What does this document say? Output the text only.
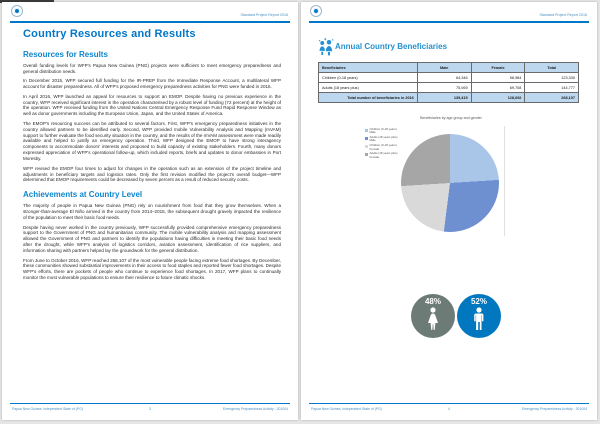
Standard Project Report 2016
Country Resources and Results
Resources for Results

Overall funding levels for WFP's Papua New Guinea (PNG) projects were sufficient to meet emergency preparedness and general distribution needs.

In December 2015, WFP secured full funding for the IR-PREP from the Immediate Response Account, a multilateral WFP account for disaster preparedness. All of WFP's proposed emergency preparedness activities for PNG were funded in 2016.

In April 2016, WFP launched an appeal for resources to support an EMOP. Despite having no previous experience in the country, WFP received significant interest in the operation characterised by a robust level of funding (72 percent) at the height of the operation. WFP received funding from the United Nations Central Emergency Response Fund Rapid Response Window as well as donor governments including the European Union, Japan, and the United States of America.

The EMOP's resourcing success can be attributed to several factors. First, WFP's emergency preparedness initiatives in the country allowed partners to be identified early. Second, WFP provided mobile Vulnerability Analysis and Mapping (mVAM) support to further evaluate the food security situation in the country, and the results of the mVAM assessment were made readily available and helped to justify an emergency operation. Third, WFP designed the EMOP to have strong interagency components to accommodate donors' interests and proposed to build capacity of existing stakeholders. Fourth, many donors expressed appreciation of WFP's operational follow-up, which included reports, briefs and updates to donor embassies in Port Moresby.

WFP revised the EMOP four times to adjust for changes in the operation such as an extension of the project timeline and adjustments in beneficiary targets and logistics rates. Only the first revision modified the project's overall budget—WFP determined that EMOP requirements could be decreased by seven percent as a result of reduced security costs.

Achievements at Country Level

The majority of people in Papua New Guinea (PNG) rely on nourishment from food that they grow themselves. When a stronger-than-average El Niño arrived in the country from 2014–2015, the subsequent drought gravely impacted the resilience of the population to meet their basic food needs.

Despite having never worked in the country previously, WFP successfully provided comprehensive emergency preparedness support to the Government of PNG and humanitarian community. The mobile vulnerability analysis and mapping assessment allowed the Government of PNG and partners to identify the populations having difficulties in meeting their basic food needs after the drought, while WFP's analysis of logistics corridors, aviation assessment, identification of rice suppliers, and information sharing with partners helped lay the groundwork for the general distribution.

From June to October 2016, WFP reached 268,107 of the most vulnerable people facing extreme food shortages. By December, these communities showed substantial improvements in their access to food staples and reported fewer food shortages. Despite WFP's efforts, there are pockets of people who continue to experience food shortages. In 2017, WFP plans to continually monitor the most vulnerable populations to ensure their resilience to future climatic shocks.

Papua New Guinea, Independent State of (PG)	3	Emergency Preparedness Activity - 201004
Standard Project Report 2016
Annual Country Beneficiaries
Beneficiaries	Male	Female	Total
Children (0-18 years)	64,346	58,984	123,330
Adults (18 years plus)	75,069	69,708	144,777
Total number of beneficiaries in 2016	139,415	128,692	268,107
Beneficiaries by age group and gender
Children (0-18 years) Male
Adults (18 years plus) Male
Children (0-18 years) Female
Adults (18 years plus) Female
48%	52%
Papua New Guinea, Independent State of (PG)	4	Emergency Preparedness Activity - 201004
